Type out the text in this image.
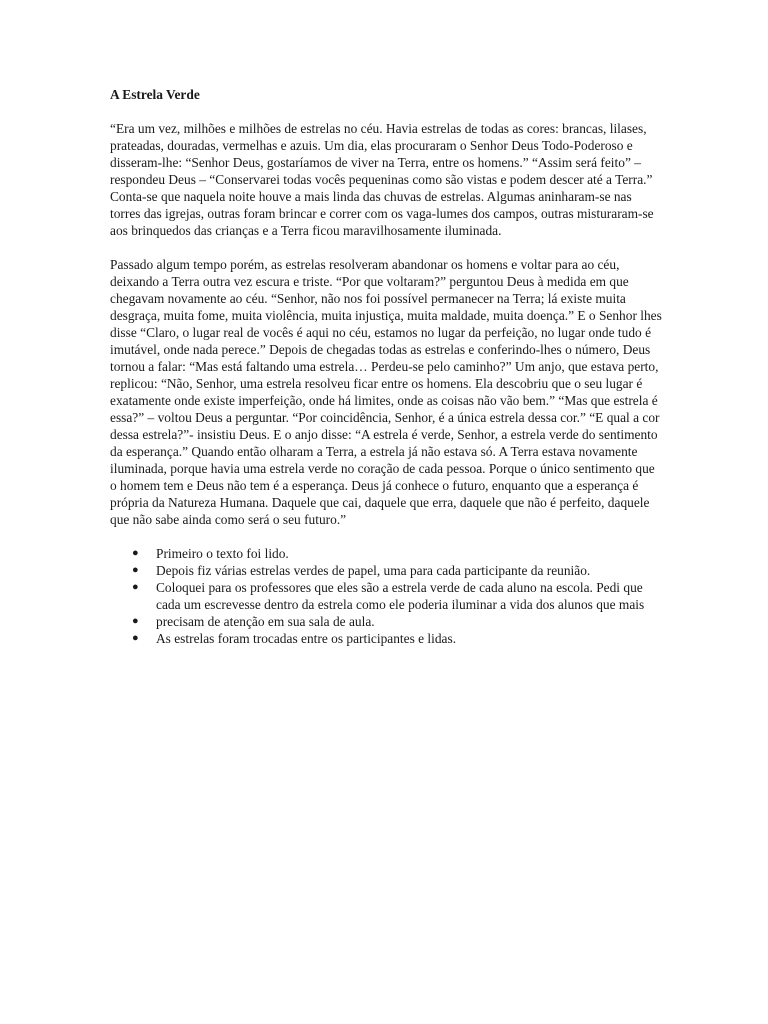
A Estrela Verde

“Era um vez, milhões e milhões de estrelas no céu. Havia estrelas de todas as cores: brancas, lilases, prateadas, douradas, vermelhas e azuis. Um dia, elas procuraram o Senhor Deus Todo-Poderoso e disseram-lhe: “Senhor Deus, gostaríamos de viver na Terra, entre os homens.” “Assim será feito” – respondeu Deus – “Conservarei todas vocês pequeninas como são vistas e podem descer até a Terra.” Conta-se que naquela noite houve a mais linda das chuvas de estrelas. Algumas aninharam-se nas torres das igrejas, outras foram brincar e correr com os vaga-lumes dos campos, outras misturaram-se aos brinquedos das crianças e a Terra ficou maravilhosamente iluminada.

Passado algum tempo porém, as estrelas resolveram abandonar os homens e voltar para ao céu, deixando a Terra outra vez escura e triste. “Por que voltaram?” perguntou Deus à medida em que chegavam novamente ao céu. “Senhor, não nos foi possível permanecer na Terra; lá existe muita desgraça, muita fome, muita violência, muita injustiça, muita maldade, muita doença.” E o Senhor lhes disse “Claro, o lugar real de vocês é aqui no céu, estamos no lugar da perfeição, no lugar onde tudo é imutável, onde nada perece.” Depois de chegadas todas as estrelas e conferindo-lhes o número, Deus tornou a falar: “Mas está faltando uma estrela… Perdeu-se pelo caminho?” Um anjo, que estava perto, replicou: “Não, Senhor, uma estrela resolveu ficar entre os homens. Ela descobriu que o seu lugar é exatamente onde existe imperfeição, onde há limites, onde as coisas não vão bem.” “Mas que estrela é essa?” – voltou Deus a perguntar. “Por coincidência, Senhor, é a única estrela dessa cor.” “E qual a cor dessa estrela?”- insistiu Deus. E o anjo disse: “A estrela é verde, Senhor, a estrela verde do sentimento da esperança.” Quando então olharam a Terra, a estrela já não estava só. A Terra estava novamente iluminada, porque havia uma estrela verde no coração de cada pessoa. Porque o único sentimento que o homem tem e Deus não tem é a esperança. Deus já conhece o futuro, enquanto que a esperança é própria da Natureza Humana. Daquele que cai, daquele que erra, daquele que não é perfeito, daquele que não sabe ainda como será o seu futuro.”

● Primeiro o texto foi lido.
● Depois fiz várias estrelas verdes de papel, uma para cada participante da reunião.
● Coloquei para os professores que eles são a estrela verde de cada aluno na escola. Pedi que cada um escrevesse dentro da estrela como ele poderia iluminar a vida dos alunos que mais
● precisam de atenção em sua sala de aula.
● As estrelas foram trocadas entre os participantes e lidas.
